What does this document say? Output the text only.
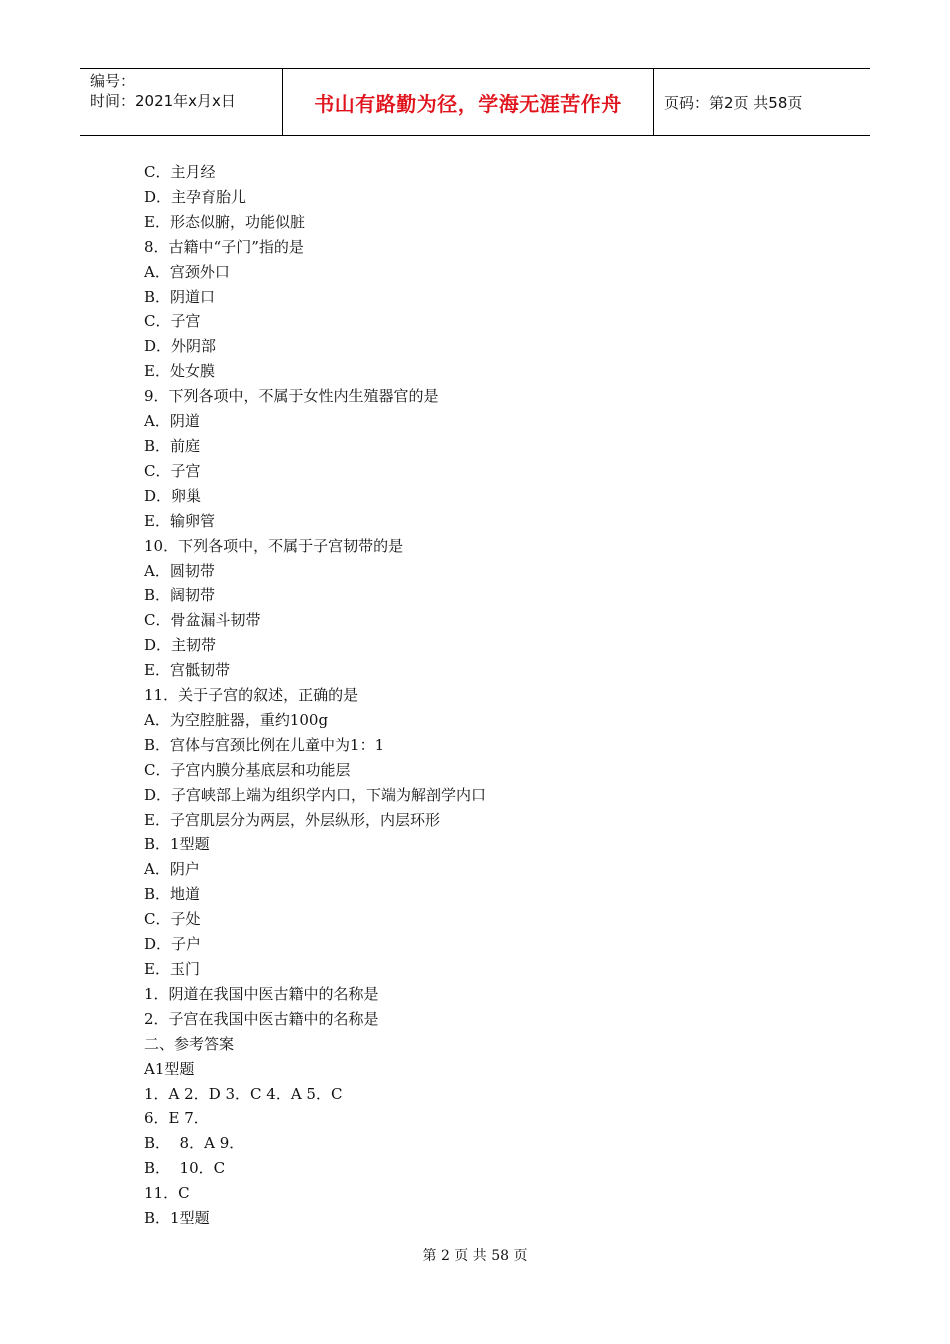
编号：
时间：2021年x月x日	书山有路勤为径，学海无涯苦作舟	页码：第2页 共58页
C．主月经
D．主孕育胎儿
E．形态似腑，功能似脏
8．古籍中“子门”指的是
A．宫颈外口
B．阴道口
C．子宫
D．外阴部
E．处女膜
9．下列各项中，不属于女性内生殖器官的是
A．阴道
B．前庭
C．子宫
D．卵巢
E．输卵管
10．下列各项中，不属于子宫韧带的是
A．圆韧带
B．阔韧带
C．骨盆漏斗韧带
D．主韧带
E．宫骶韧带
11．关于子宫的叙述，正确的是
A．为空腔脏器，重约100g
B．宫体与宫颈比例在儿童中为1：1
C．子宫内膜分基底层和功能层
D．子宫峡部上端为组织学内口，下端为解剖学内口
E．子宫肌层分为两层，外层纵形，内层环形
B．1型题
A．阴户
B．地道
C．子处
D．子户
E．玉门
1．阴道在我国中医古籍中的名称是
2．子宫在我国中医古籍中的名称是
二、参考答案
A1型题
1．A 2．D 3．C 4．A 5．C
6．E 7．
B．  8．A 9．
B．  10．C
11．C
B．1型题
第 2 页 共 58 页
